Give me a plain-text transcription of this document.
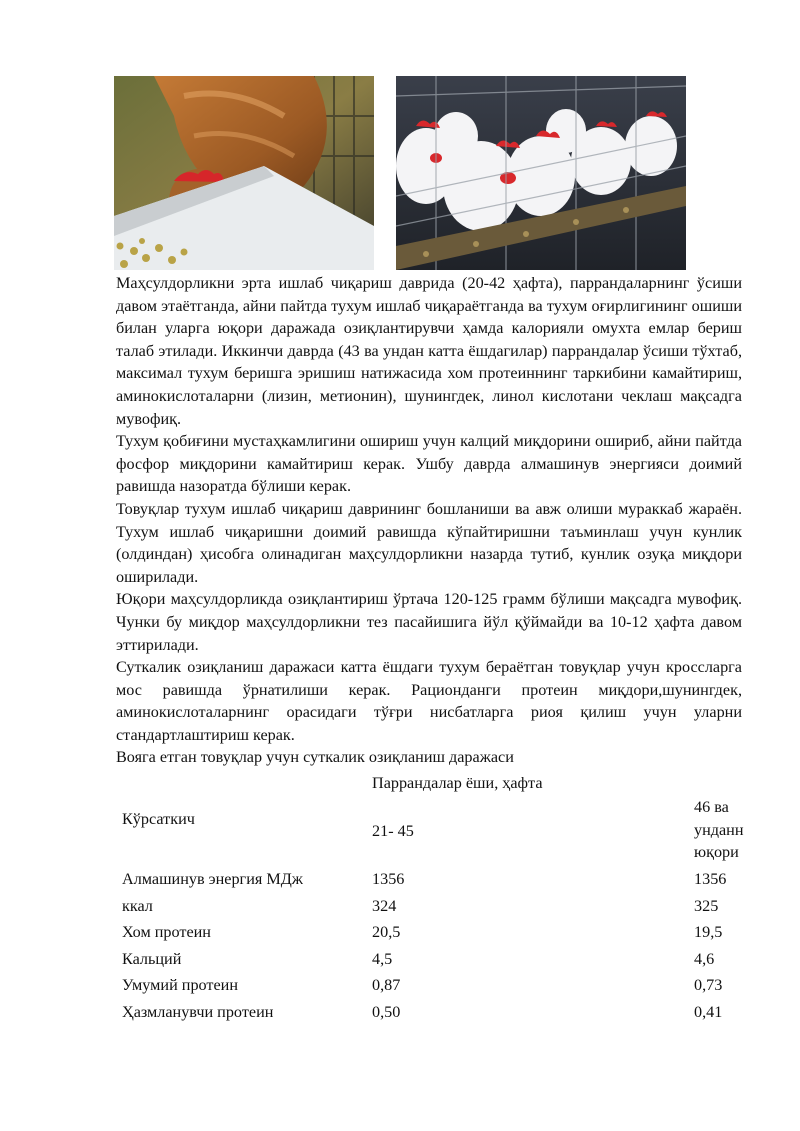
Маҳсулдорликни эрта ишлаб чиқариш даврида (20-42 ҳафта), паррандаларнинг ўсиши давом этаётганда, айни пайтда тухум ишлаб чиқараётганда ва тухум оғирлигининг ошиши билан уларга юқори даражада озиқлантирувчи ҳамда калорияли омухта емлар бериш талаб этилади. Иккинчи даврда (43 ва ундан катта ёшдагилар) паррандалар ўсиши тўхтаб, максимал тухум беришга эришиш натижасида хом протеиннинг таркибини камайтириш, аминокислоталарни (лизин, метионин), шунингдек, линол кислотани чеклаш мақсадга мувофиқ.

Тухум қобиғини мустаҳкамлигини ошириш учун калций миқдорини ошириб, айни пайтда фосфор миқдорини камайтириш керак. Ушбу даврда алмашинув энергияси доимий равишда назоратда бўлиши керак.

Товуқлар тухум ишлаб чиқариш даврининг бошланиши ва авж олиши мураккаб жараён. Тухум ишлаб чиқаришни доимий равишда кўпайтиришни таъминлаш учун кунлик (олдиндан) ҳисобга олинадиган маҳсулдорликни назарда тутиб, кунлик озуқа миқдори оширилади.

Юқори маҳсулдорликда озиқлантириш ўртача 120-125 грамм бўлиши мақсадга мувофиқ. Чунки бу миқдор маҳсулдорликни тез пасайишига йўл қўймайди ва 10-12 ҳафта давом эттирилади.

Суткалик озиқланиш даражаси катта ёшдаги тухум бераётган товуқлар учун кроссларга мос равишда ўрнатилиши керак. Рационданги протеин миқдори,шунингдек, аминокислоталарнинг орасидаги тўғри нисбатларга риоя қилиш учун уларни стандартлаштириш керак.

Вояга етган товуқлар учун суткалик озиқланиш даражаси

Паррандалар ёши, ҳафта
Кўрсаткич
21- 45
46 ва унданн юқори
Алмашинув энергия МДж	1356	1356
ккал	324	325
Хом протеин	20,5	19,5
Кальций	4,5	4,6
Умумий протеин	0,87	0,73
Ҳазмланувчи протеин	0,50	0,41
